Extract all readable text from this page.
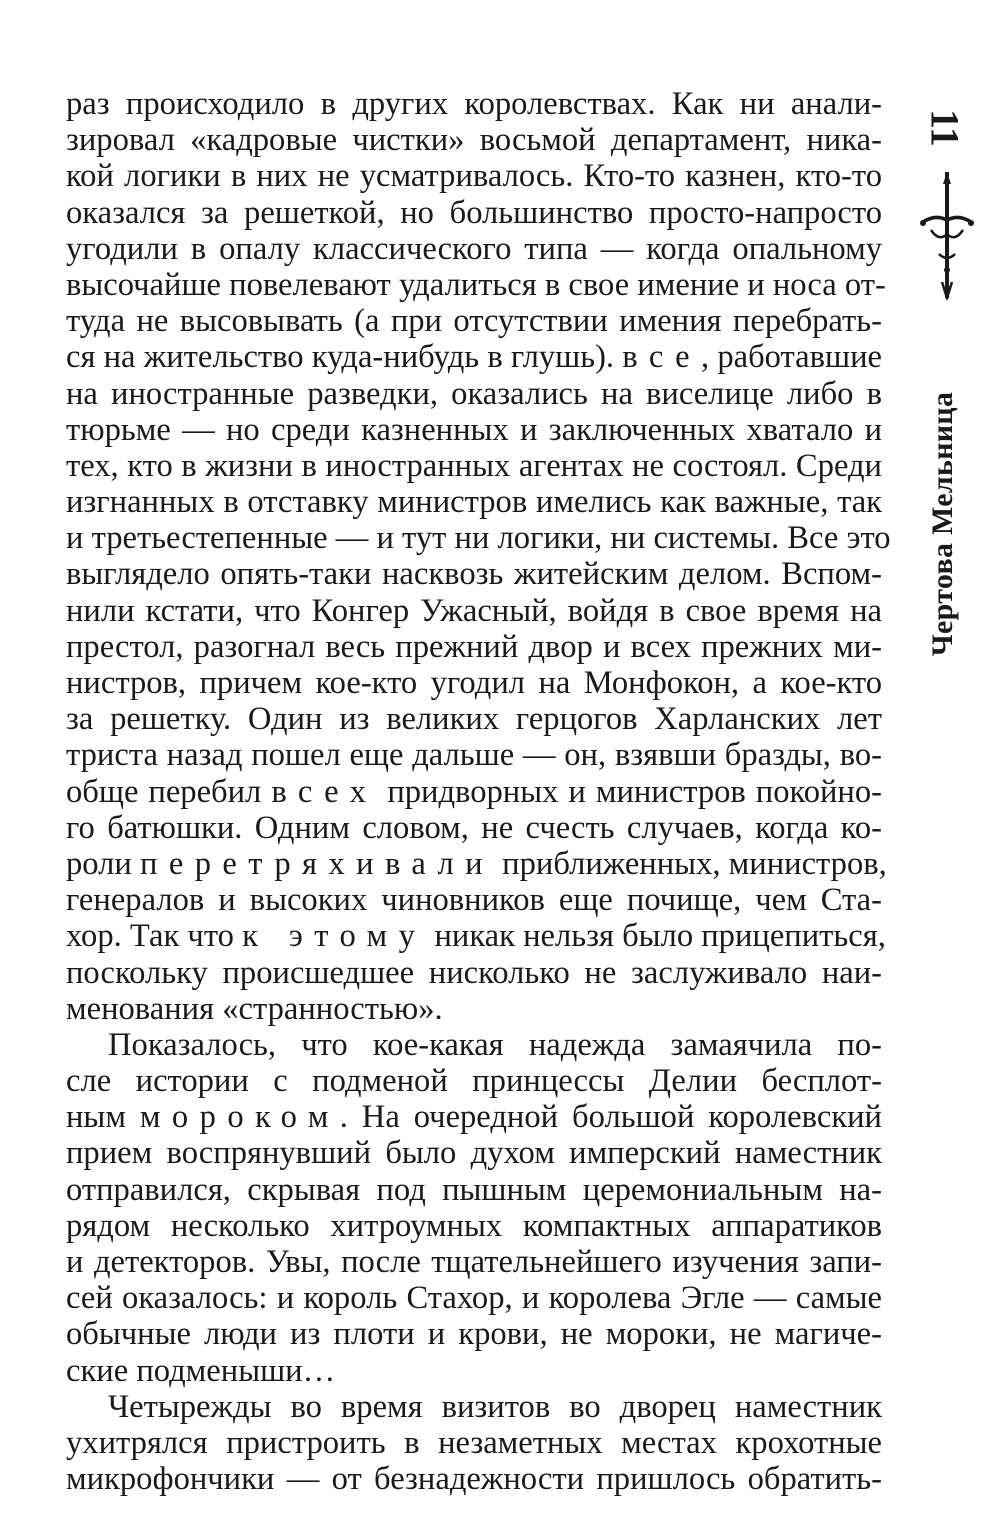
раз происходило в других королевствах. Как ни анали-
зировал «кадровые чистки» восьмой департамент, ника-
кой логики в них не усматривалось. Кто-то казнен, кто-то
оказался за решеткой, но большинство просто-напросто
угодили в опалу классического типа — когда опальному
высочайше повелевают удалиться в свое имение и носа от-
туда не высовывать (а при отсутствии имения перебрать-
ся на жительство куда-нибудь в глушь). все, работавшие
на иностранные разведки, оказались на виселице либо в
тюрьме — но среди казненных и заключенных хватало и
тех, кто в жизни в иностранных агентах не состоял. Среди
изгнанных в отставку министров имелись как важные, так
и третьестепенные — и тут ни логики, ни системы. Все это
выглядело опять-таки насквозь житейским делом. Вспом-
нили кстати, что Конгер Ужасный, войдя в свое время на
престол, разогнал весь прежний двор и всех прежних ми-
нистров, причем кое-кто угодил на Монфокон, а кое-кто
за решетку. Один из великих герцогов Харланских лет
триста назад пошел еще дальше — он, взявши бразды, во-
обще перебил всех придворных и министров покойно-
го батюшки. Одним словом, не счесть случаев, когда ко-
роли перетряхивали приближенных, министров,
генералов и высоких чиновников еще почище, чем Ста-
хор. Так что к этому никак нельзя было прицепиться,
поскольку происшедшее нисколько не заслуживало наи-
менования «странностью».
Показалось, что кое-какая надежда замаячила по-
сле истории с подменой принцессы Делии бесплот-
ным мороком. На очередной большой королевский
прием воспрянувший было духом имперский наместник
отправился, скрывая под пышным церемониальным на-
рядом несколько хитроумных компактных аппаратиков
и детекторов. Увы, после тщательнейшего изучения запи-
сей оказалось: и король Стахор, и королева Эгле — самые
обычные люди из плоти и крови, не мороки, не магиче-
ские подменыши…
Четырежды во время визитов во дворец наместник
ухитрялся пристроить в незаметных местах крохотные
микрофончики — от безнадежности пришлось обратить-
11
Чертова Мельница
